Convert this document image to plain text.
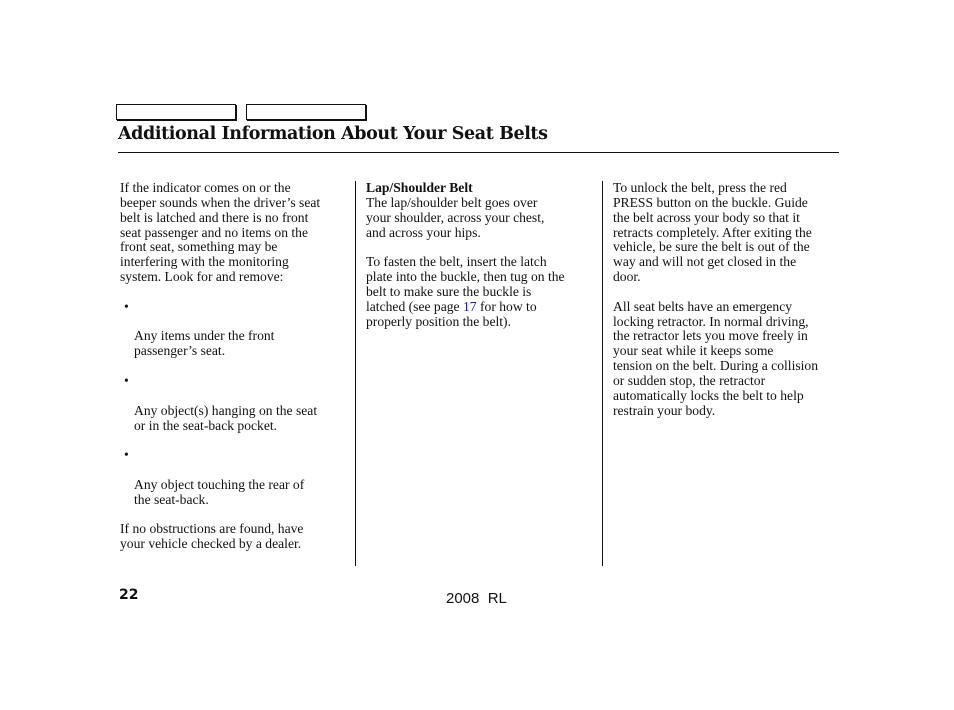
Additional Information About Your Seat Belts

If the indicator comes on or the
beeper sounds when the driver’s seat
belt is latched and there is no front
seat passenger and no items on the
front seat, something may be
interfering with the monitoring
system. Look for and remove:

•

Any items under the front
passenger’s seat.

•

Any object(s) hanging on the seat
or in the seat-back pocket.

•

Any object touching the rear of
the seat-back.

If no obstructions are found, have
your vehicle checked by a dealer.

Lap/Shoulder Belt
The lap/shoulder belt goes over
your shoulder, across your chest,
and across your hips.

To fasten the belt, insert the latch
plate into the buckle, then tug on the
belt to make sure the buckle is
latched (see page 17 for how to
properly position the belt).

To unlock the belt, press the red
PRESS button on the buckle. Guide
the belt across your body so that it
retracts completely. After exiting the
vehicle, be sure the belt is out of the
way and will not get closed in the
door.

All seat belts have an emergency
locking retractor. In normal driving,
the retractor lets you move freely in
your seat while it keeps some
tension on the belt. During a collision
or sudden stop, the retractor
automatically locks the belt to help
restrain your body.

22	2008  RL
